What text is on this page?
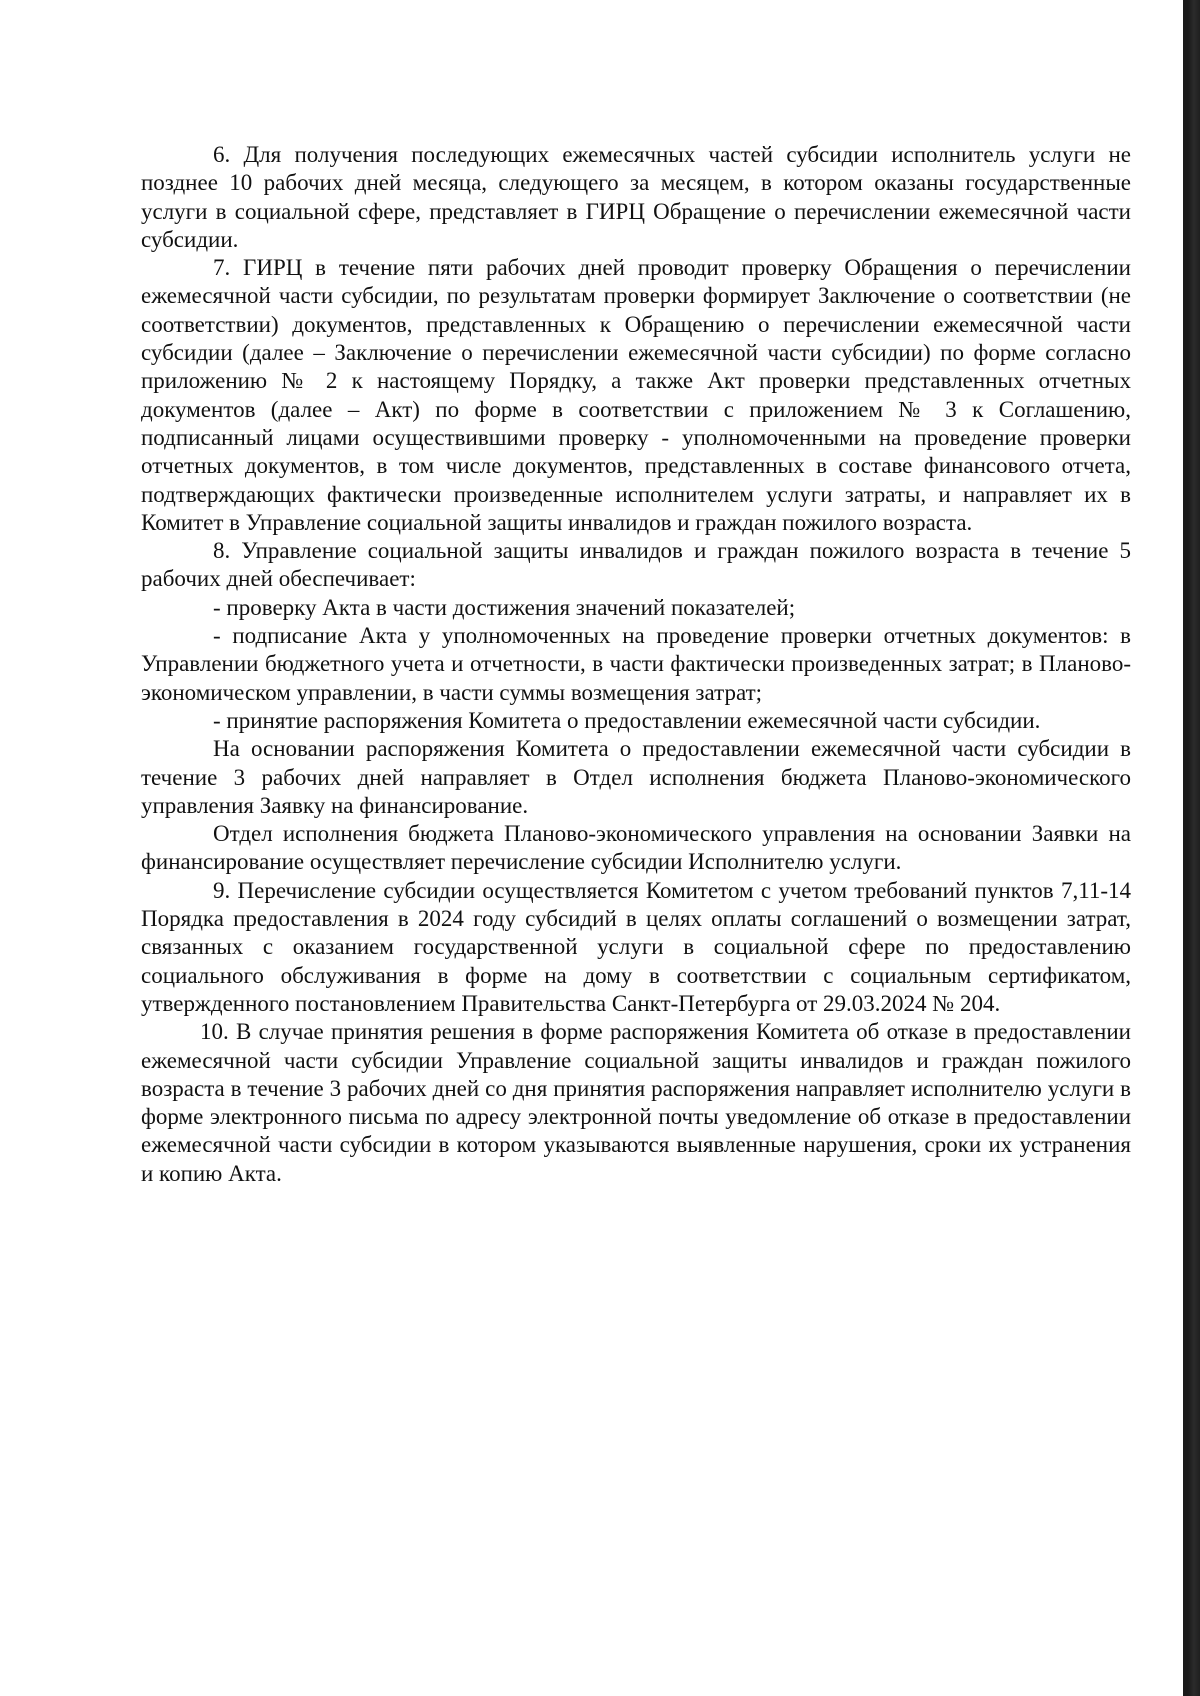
6. Для получения последующих ежемесячных частей субсидии исполнитель услуги не позднее 10 рабочих дней месяца, следующего за месяцем, в котором оказаны государственные услуги в социальной сфере, представляет в ГИРЦ Обращение о перечислении ежемесячной части субсидии.

7. ГИРЦ в течение пяти рабочих дней проводит проверку Обращения о перечислении ежемесячной части субсидии, по результатам проверки формирует Заключение о соответствии (не соответствии) документов, представленных к Обращению о перечислении ежемесячной части субсидии (далее – Заключение о перечислении ежемесячной части субсидии) по форме согласно приложению № 2 к настоящему Порядку, а также Акт проверки представленных отчетных документов (далее – Акт) по форме в соответствии с приложением № 3 к Соглашению, подписанный лицами осуществившими проверку - уполномоченными на проведение проверки отчетных документов, в том числе документов, представленных в составе финансового отчета, подтверждающих фактически произведенные исполнителем услуги затраты, и направляет их в Комитет в Управление социальной защиты инвалидов и граждан пожилого возраста.

8. Управление социальной защиты инвалидов и граждан пожилого возраста в течение 5 рабочих дней обеспечивает:

- проверку Акта в части достижения значений показателей;

- подписание Акта у уполномоченных на проведение проверки отчетных документов: в Управлении бюджетного учета и отчетности, в части фактически произведенных затрат; в Планово-экономическом управлении, в части суммы возмещения затрат;

- принятие распоряжения Комитета о предоставлении ежемесячной части субсидии.

На основании распоряжения Комитета о предоставлении ежемесячной части субсидии в течение 3 рабочих дней направляет в Отдел исполнения бюджета Планово-экономического управления Заявку на финансирование.

Отдел исполнения бюджета Планово-экономического управления на основании Заявки на финансирование осуществляет перечисление субсидии Исполнителю услуги.

9. Перечисление субсидии осуществляется Комитетом с учетом требований пунктов 7,11-14 Порядка предоставления в 2024 году субсидий в целях оплаты соглашений о возмещении затрат, связанных с оказанием государственной услуги в социальной сфере по предоставлению социального обслуживания в форме на дому в соответствии с социальным сертификатом, утвержденного постановлением Правительства Санкт-Петербурга от 29.03.2024 № 204.

10. В случае принятия решения в форме распоряжения Комитета об отказе в предоставлении ежемесячной части субсидии Управление социальной защиты инвалидов и граждан пожилого возраста в течение 3 рабочих дней со дня принятия распоряжения направляет исполнителю услуги в форме электронного письма по адресу электронной почты уведомление об отказе в предоставлении ежемесячной части субсидии в котором указываются выявленные нарушения, сроки их устранения и копию Акта.
